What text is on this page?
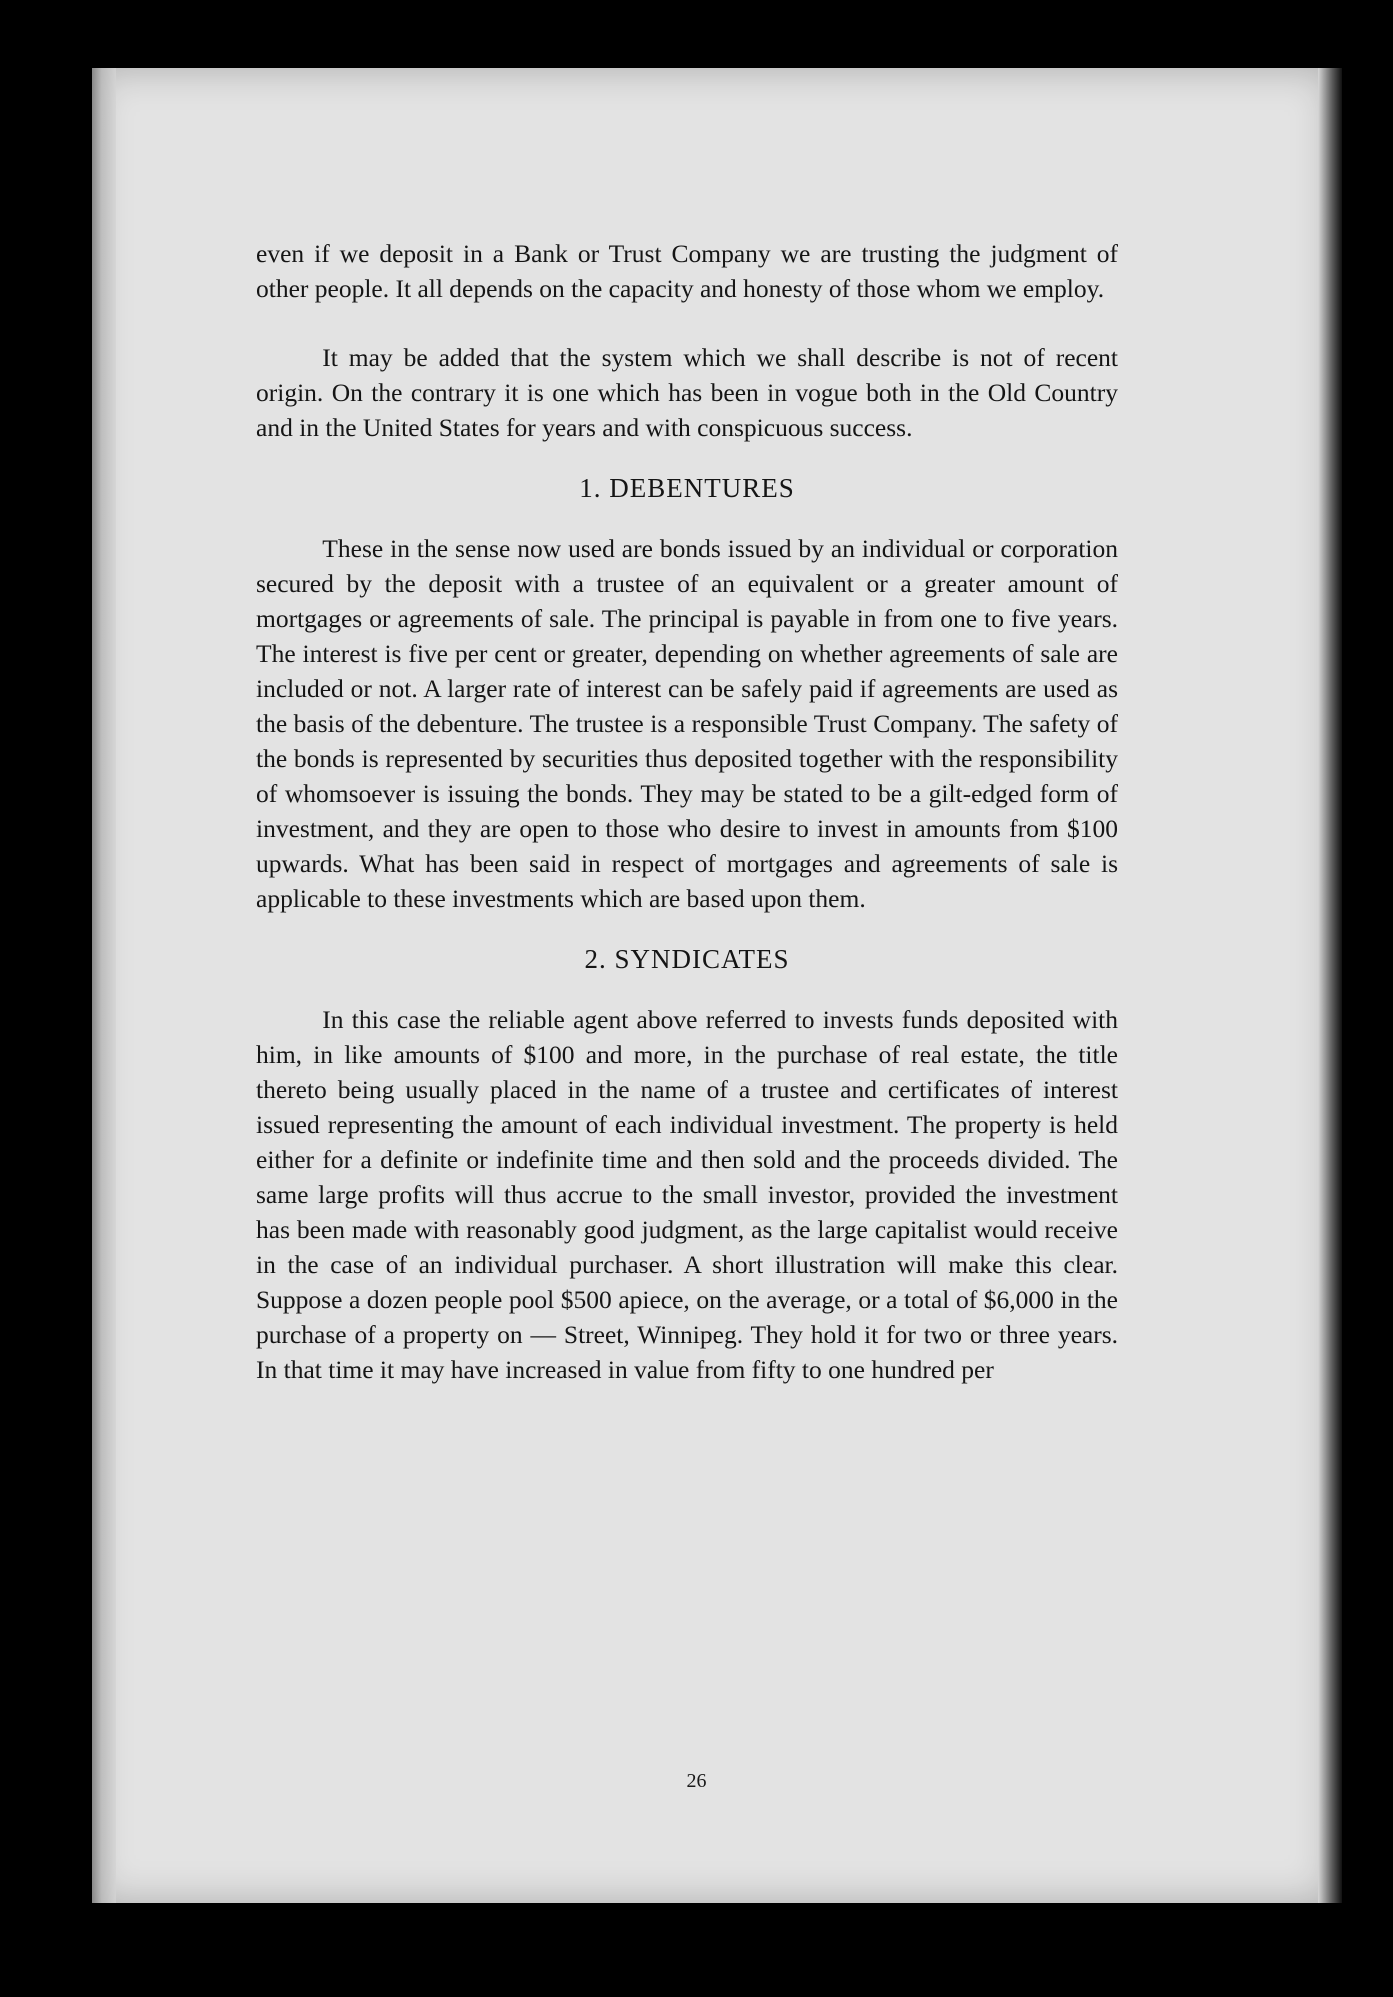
even if we deposit in a Bank or Trust Company we are trusting the judgment of other people. It all depends on the capacity and honesty of those whom we employ.

It may be added that the system which we shall describe is not of recent origin. On the contrary it is one which has been in vogue both in the Old Country and in the United States for years and with conspicuous success.

1. DEBENTURES

These in the sense now used are bonds issued by an individual or corporation secured by the deposit with a trustee of an equivalent or a greater amount of mortgages or agreements of sale. The principal is payable in from one to five years. The interest is five per cent or greater, depending on whether agreements of sale are included or not. A larger rate of interest can be safely paid if agreements are used as the basis of the debenture. The trustee is a responsible Trust Company. The safety of the bonds is represented by securities thus deposited together with the responsibility of whomsoever is issuing the bonds. They may be stated to be a gilt-edged form of investment, and they are open to those who desire to invest in amounts from $100 upwards. What has been said in respect of mortgages and agreements of sale is applicable to these investments which are based upon them.

2. SYNDICATES

In this case the reliable agent above referred to invests funds deposited with him, in like amounts of $100 and more, in the purchase of real estate, the title thereto being usually placed in the name of a trustee and certificates of interest issued representing the amount of each individual investment. The property is held either for a definite or indefinite time and then sold and the proceeds divided. The same large profits will thus accrue to the small investor, provided the investment has been made with reasonably good judgment, as the large capitalist would receive in the case of an individual purchaser. A short illustration will make this clear. Suppose a dozen people pool $500 apiece, on the average, or a total of $6,000 in the purchase of a property on — Street, Winnipeg. They hold it for two or three years. In that time it may have increased in value from fifty to one hundred per

26
